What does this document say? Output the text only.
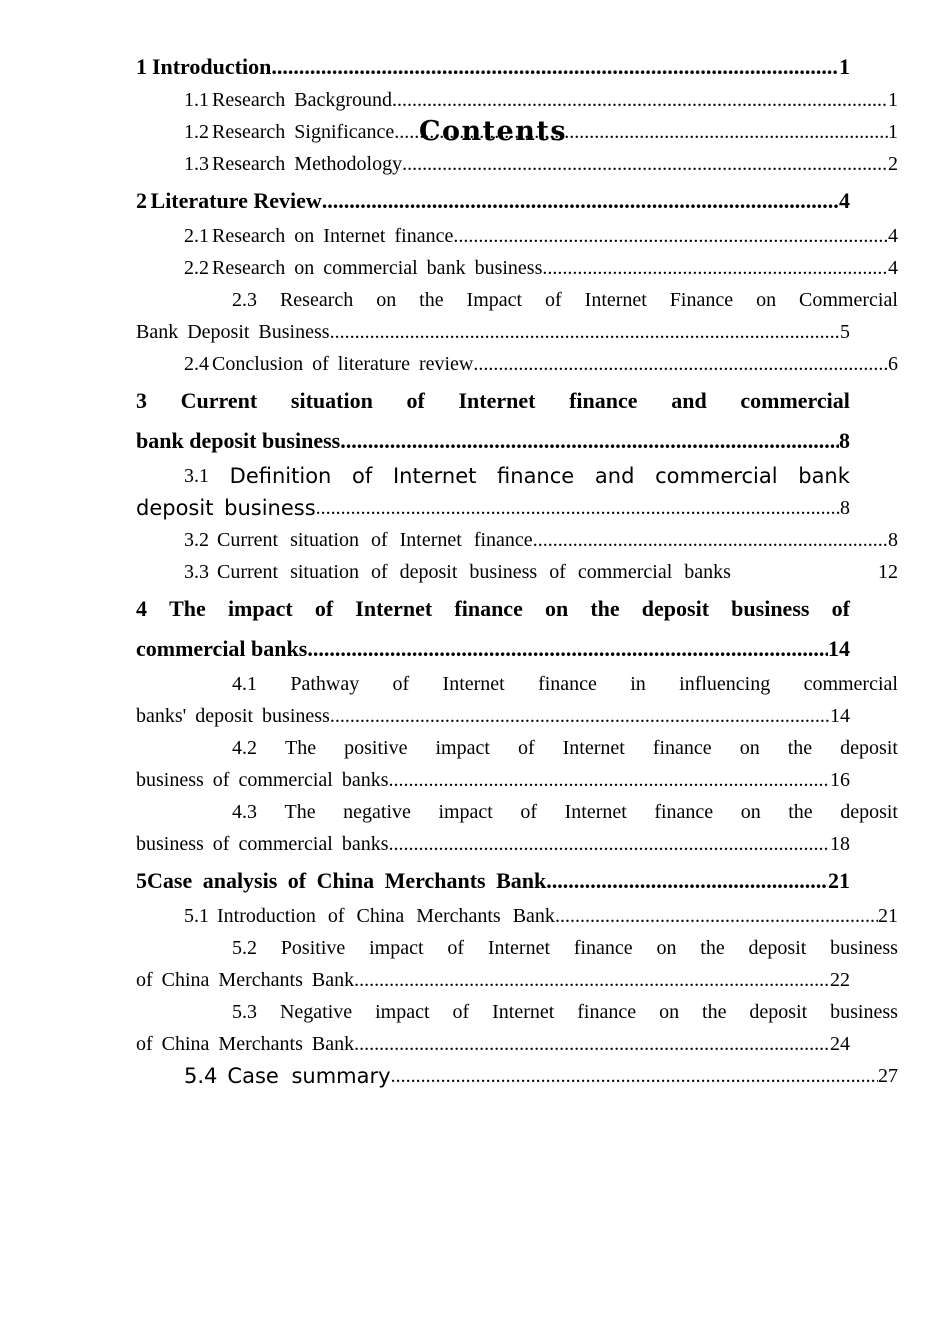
Contents
1 Introduction .....	1
1.1 Research Background .....	1
1.2 Research Significance .....	1
1.3 Research Methodology .....	2
2 Literature Review .....	4
2.1 Research on Internet finance .....	4
2.2 Research on commercial bank business .....	4
2.3 Research on the Impact of Internet Finance on Commercial
Bank Deposit Business .....	5
2.4 Conclusion of literature review .....	6
3 Current situation of Internet finance and commercial
bank deposit business .....	8
3.1 Definition of Internet finance and commercial bank
deposit business .....	8
3.2 Current situation of Internet finance .....	8
3.3 Current situation of deposit business of commercial banks	12
4 The impact of Internet finance on the deposit business of
commercial banks .....	14
4.1 Pathway of Internet finance in influencing commercial
banks' deposit business .....	14
4.2 The positive impact of Internet finance on the deposit
business of commercial banks .....	16
4.3 The negative impact of Internet finance on the deposit
business of commercial banks .....	18
5 Case analysis of China Merchants Bank .....	21
5.1 Introduction of China Merchants Bank .....	21
5.2 Positive impact of Internet finance on the deposit business
of China Merchants Bank .....	22
5.3 Negative impact of Internet finance on the deposit business
of China Merchants Bank .....	24
5.4 Case summary .....	27
